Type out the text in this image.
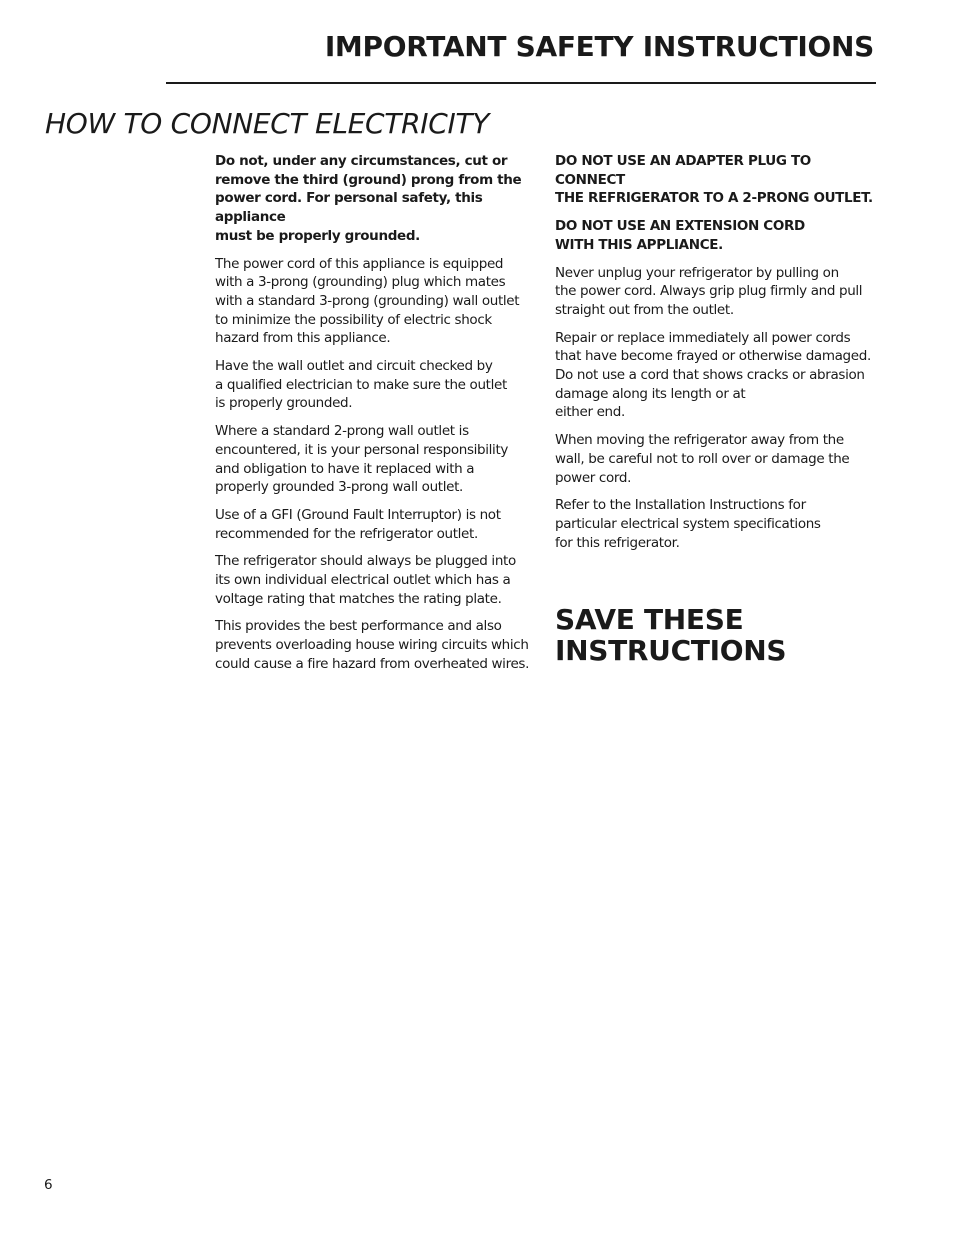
IMPORTANT SAFETY INSTRUCTIONS
HOW TO CONNECT ELECTRICITY

Do not, under any circumstances, cut or
remove the third (ground) prong from the
power cord. For personal safety, this appliance
must be properly grounded.

The power cord of this appliance is equipped
with a 3-prong (grounding) plug which mates
with a standard 3-prong (grounding) wall outlet
to minimize the possibility of electric shock
hazard from this appliance.

Have the wall outlet and circuit checked by
a qualified electrician to make sure the outlet
is properly grounded.

Where a standard 2-prong wall outlet is
encountered, it is your personal responsibility
and obligation to have it replaced with a
properly grounded 3-prong wall outlet.

Use of a GFI (Ground Fault Interruptor) is not
recommended for the refrigerator outlet.

The refrigerator should always be plugged into
its own individual electrical outlet which has a
voltage rating that matches the rating plate.

This provides the best performance and also
prevents overloading house wiring circuits which
could cause a fire hazard from overheated wires.

DO NOT USE AN ADAPTER PLUG TO CONNECT
THE REFRIGERATOR TO A 2-PRONG OUTLET.

DO NOT USE AN EXTENSION CORD
WITH THIS APPLIANCE.

Never unplug your refrigerator by pulling on
the power cord. Always grip plug firmly and pull
straight out from the outlet.

Repair or replace immediately all power cords
that have become frayed or otherwise damaged.
Do not use a cord that shows cracks or abrasion
damage along its length or at
either end.

When moving the refrigerator away from the
wall, be careful not to roll over or damage the
power cord.

Refer to the Installation Instructions for
particular electrical system specifications
for this refrigerator.

SAVE THESE
INSTRUCTIONS
6
